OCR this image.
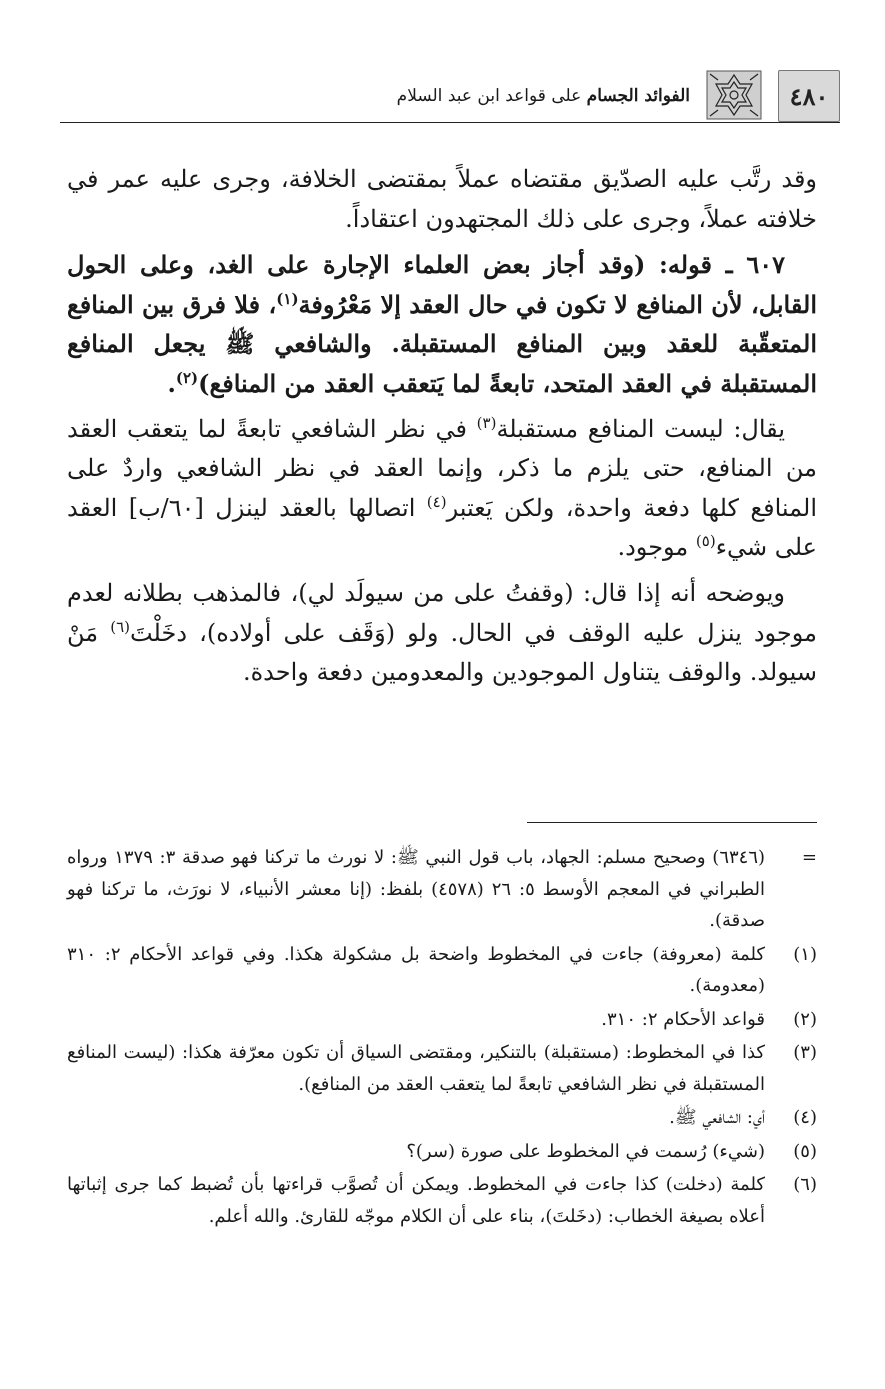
٤٨٠
الفوائد الجسام على قواعد ابن عبد السلام

وقد رتَّب عليه الصدّيق مقتضاه عملاً بمقتضى الخلافة، وجرى عليه عمر في خلافته عملاً، وجرى على ذلك المجتهدون اعتقاداً.

٦٠٧ ـ قوله: (وقد أجاز بعض العلماء الإجارة على الغد، وعلى الحول القابل، لأن المنافع لا تكون في حال العقد إلا مَعْرُوفة$^{(١)}$، فلا فرق بين المنافع المتعقّبة للعقد وبين المنافع المستقبلة. والشافعي ﷺ يجعل المنافع المستقبلة في العقد المتحد، تابعةً لما يَتعقب العقد من المنافع)$^{(٢)}$.

يقال: ليست المنافع مستقبلة$^{(٣)}$ في نظر الشافعي تابعةً لما يتعقب العقد من المنافع، حتى يلزم ما ذكر، وإنما العقد في نظر الشافعي واردٌ على المنافع كلها دفعة واحدة، ولكن يَعتبر$^{(٤)}$ اتصالها بالعقد لينزل [٦٠/ب] العقد على شيء$^{(٥)}$ موجود.

ويوضحه أنه إذا قال: (وقفتُ على من سيولَد لي)، فالمذهب بطلانه لعدم موجود ينزل عليه الوقف في الحال. ولو (وَقَف على أولاده)، دخَلْتَ$^{(٦)}$ مَنْ سيولد. والوقف يتناول الموجودين والمعدومين دفعة واحدة.

=
(٦٣٤٦) وصحيح مسلم: الجهاد، باب قول النبي ﷺ: لا نورث ما تركنا فهو صدقة ٣: ١٣٧٩ ورواه الطبراني في المعجم الأوسط ٥: ٢٦ (٤٥٧٨) بلفظ: (إنا معشر الأنبياء، لا نورَث، ما تركنا فهو صدقة).
(١)
كلمة (معروفة) جاءت في المخطوط واضحة بل مشكولة هكذا. وفي قواعد الأحكام ٢: ٣١٠ (معدومة).
(٢)
قواعد الأحكام ٢: ٣١٠.
(٣)
كذا في المخطوط: (مستقبلة) بالتنكير، ومقتضى السياق أن تكون معرّفة هكذا: (ليست المنافع المستقبلة في نظر الشافعي تابعةً لما يتعقب العقد من المنافع).
(٤)
أي: الشافعي ﷺ.
(٥)
(شيء) رُسمت في المخطوط على صورة (سر)؟
(٦)
كلمة (دخلت) كذا جاءت في المخطوط. ويمكن أن تُصوَّب قراءتها بأن تُضبط كما جرى إثباتها أعلاه بصيغة الخطاب: (دخَلتَ)، بناء على أن الكلام موجّه للقارئ. والله أعلم.
